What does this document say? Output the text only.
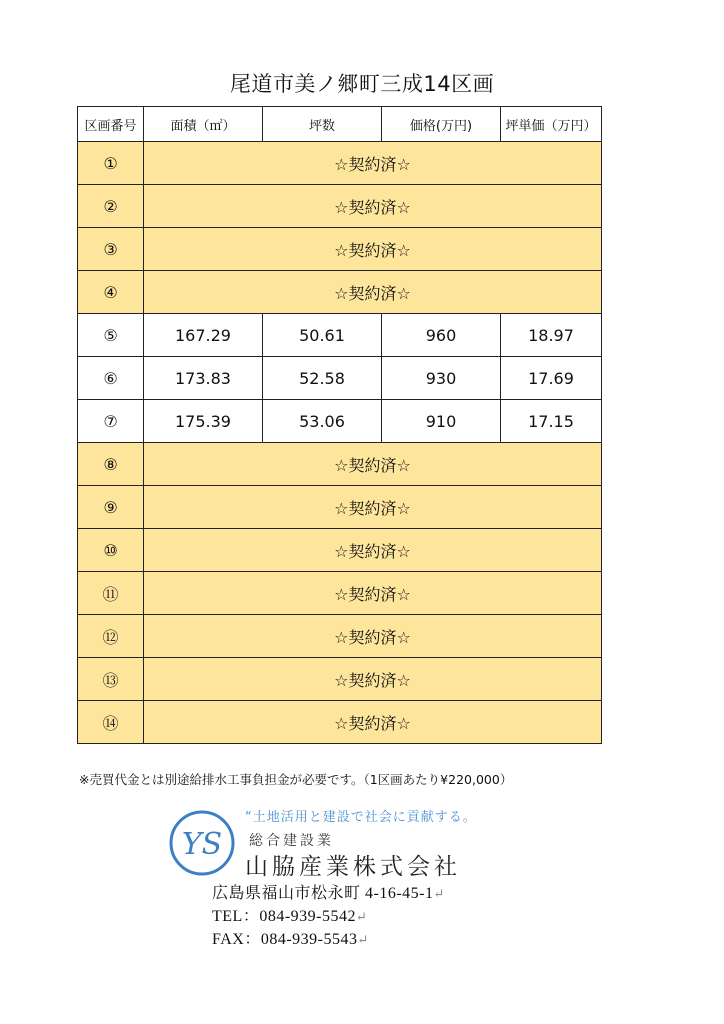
尾道市美ノ郷町三成14区画
区画番号	面積（㎡）	坪数	価格(万円)	坪単価（万円）
①	☆契約済☆			
②	☆契約済☆			
③	☆契約済☆			
④	☆契約済☆			
⑤	167.29	50.61	960	18.97
⑥	173.83	52.58	930	17.69
⑦	175.39	53.06	910	17.15
⑧	☆契約済☆			
⑨	☆契約済☆			
⑩	☆契約済☆			
⑪	☆契約済☆			
⑫	☆契約済☆			
⑬	☆契約済☆			
⑭	☆契約済☆			
※売買代金とは別途給排水工事負担金が必要です。（1区画あたり¥220,000）
YS
“土地活用と建設で社会に貢献する。
総合建設業
山脇産業株式会社
広島県福山市松永町 4-16-45-1↵
TEL：084-939-5542↵
FAX：084-939-5543↵
